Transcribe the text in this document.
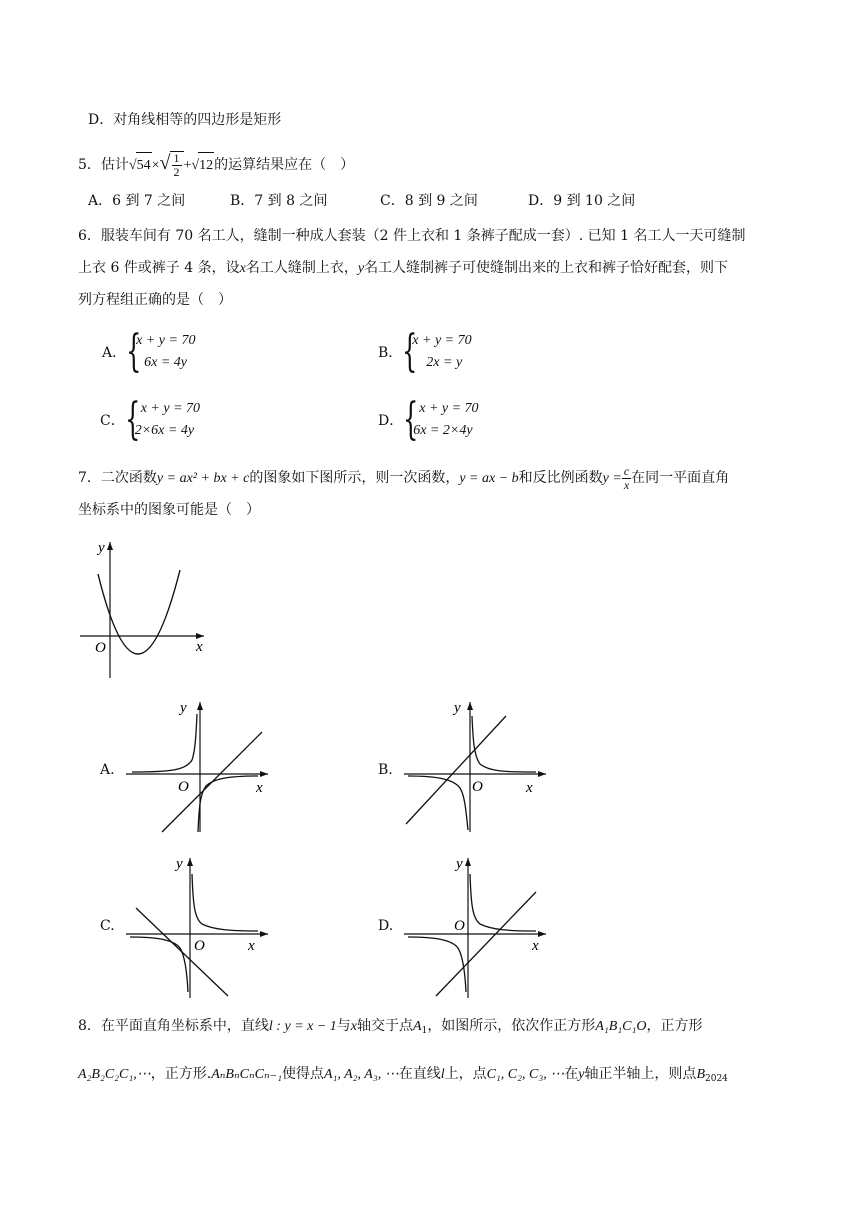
D．对角线相等的四边形是矩形
5．估计$√54\times√ \frac{1}{2} +√12$的运算结果应在（　）
A．6 到 7 之间	B．7 到 8 之间	C．8 到 9 之间	D．9 到 10 之间
6．服装车间有 70 名工人，缝制一种成人套装（2 件上衣和 1 条裤子配成一套）. 已知 1 名工人一天可缝制
上衣 6 件或裤子 4 条，设x名工人缝制上衣，y名工人缝制裤子可使缝制出来的上衣和裤子恰好配套，则下
列方程组正确的是（　）
A． {
x + y = 70
6x = 4y
B． {
x + y = 70
2x = y
C． { x + y = 70
2×6x = 4y
D． { x + y = 70
6x = 2×4y
7．二次函数y = ax² + bx + c的图象如下图所示，则一次函数，y = ax − b和反比例函数$y = \frac{c}{x}$ 在同一平面直角
坐标系中的图象可能是（　）
x
y
O
A.
x
y
O
B.
x
y
O
C.
x
y
O
D.
x
y
O
8．在平面直角坐标系中，直线l : y = x − 1与x轴交于点$A_1$，如图所示，依次作正方形A₁B₁C₁O，正方形
A₂B₂C₂C₁,⋯，正方形.AₙBₙCₙCₙ₋₁使得点A₁, A₂, A₃, ⋯在直线l上，点C₁, C₂, C₃, ⋯在y轴正半轴上，则点$B_{2024}$
